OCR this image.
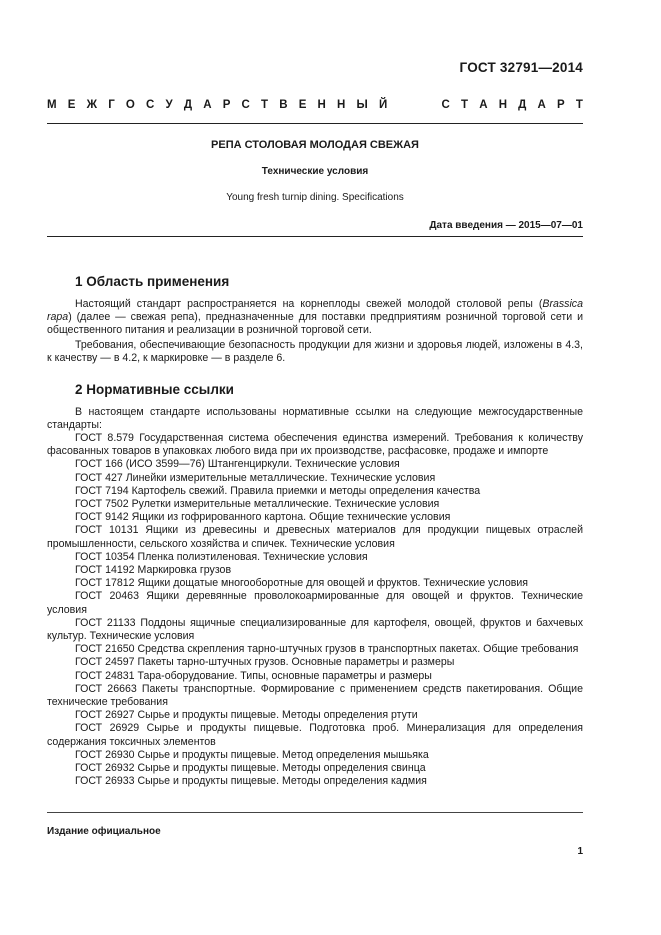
ГОСТ 32791—2014
М Е Ж Г О С У Д А Р С Т В Е Н Н Ы Й

	С Т А Н Д А Р Т
РЕПА СТОЛОВАЯ МОЛОДАЯ СВЕЖАЯ
Технические условия
Young fresh turnip dining. Specifications
Дата введения — 2015—07—01
1 Область применения
Настоящий стандарт распространяется на корнеплоды свежей молодой столовой репы (Brassica rapa) (далее — свежая репа), предназначенные для поставки предприятиям розничной торговой сети и общественного питания и реализации в розничной торговой сети.
Требования, обеспечивающие безопасность продукции для жизни и здоровья людей, изложены в 4.3, к качеству — в 4.2, к маркировке — в разделе 6.
2 Нормативные ссылки
В настоящем стандарте использованы нормативные ссылки на следующие межгосударственные стандарты:
ГОСТ 8.579 Государственная система обеспечения единства измерений. Требования к количеству фасованных товаров в упаковках любого вида при их производстве, расфасовке, продаже и импорте
ГОСТ 166 (ИСО 3599—76) Штангенциркули. Технические условия
ГОСТ 427 Линейки измерительные металлические. Технические условия
ГОСТ 7194 Картофель свежий. Правила приемки и методы определения качества
ГОСТ 7502 Рулетки измерительные металлические. Технические условия
ГОСТ 9142 Ящики из гофрированного картона. Общие технические условия
ГОСТ 10131 Ящики из древесины и древесных материалов для продукции пищевых отраслей промышленности, сельского хозяйства и спичек. Технические условия
ГОСТ 10354 Пленка полиэтиленовая. Технические условия
ГОСТ 14192 Маркировка грузов
ГОСТ 17812 Ящики дощатые многооборотные для овощей и фруктов. Технические условия
ГОСТ 20463 Ящики деревянные проволокоармированные для овощей и фруктов. Технические условия
ГОСТ 21133 Поддоны ящичные специализированные для картофеля, овощей, фруктов и бахчевых культур. Технические условия
ГОСТ 21650 Средства скрепления тарно-штучных грузов в транспортных пакетах. Общие требования
ГОСТ 24597 Пакеты тарно-штучных грузов. Основные параметры и размеры
ГОСТ 24831 Тара-оборудование. Типы, основные параметры и размеры
ГОСТ 26663 Пакеты транспортные. Формирование с применением средств пакетирования. Общие технические требования
ГОСТ 26927 Сырье и продукты пищевые. Методы определения ртути
ГОСТ 26929 Сырье и продукты пищевые. Подготовка проб. Минерализация для определения содержания токсичных элементов
ГОСТ 26930 Сырье и продукты пищевые. Метод определения мышьяка
ГОСТ 26932 Сырье и продукты пищевые. Методы определения свинца
ГОСТ 26933 Сырье и продукты пищевые. Методы определения кадмия
Издание официальное
1
